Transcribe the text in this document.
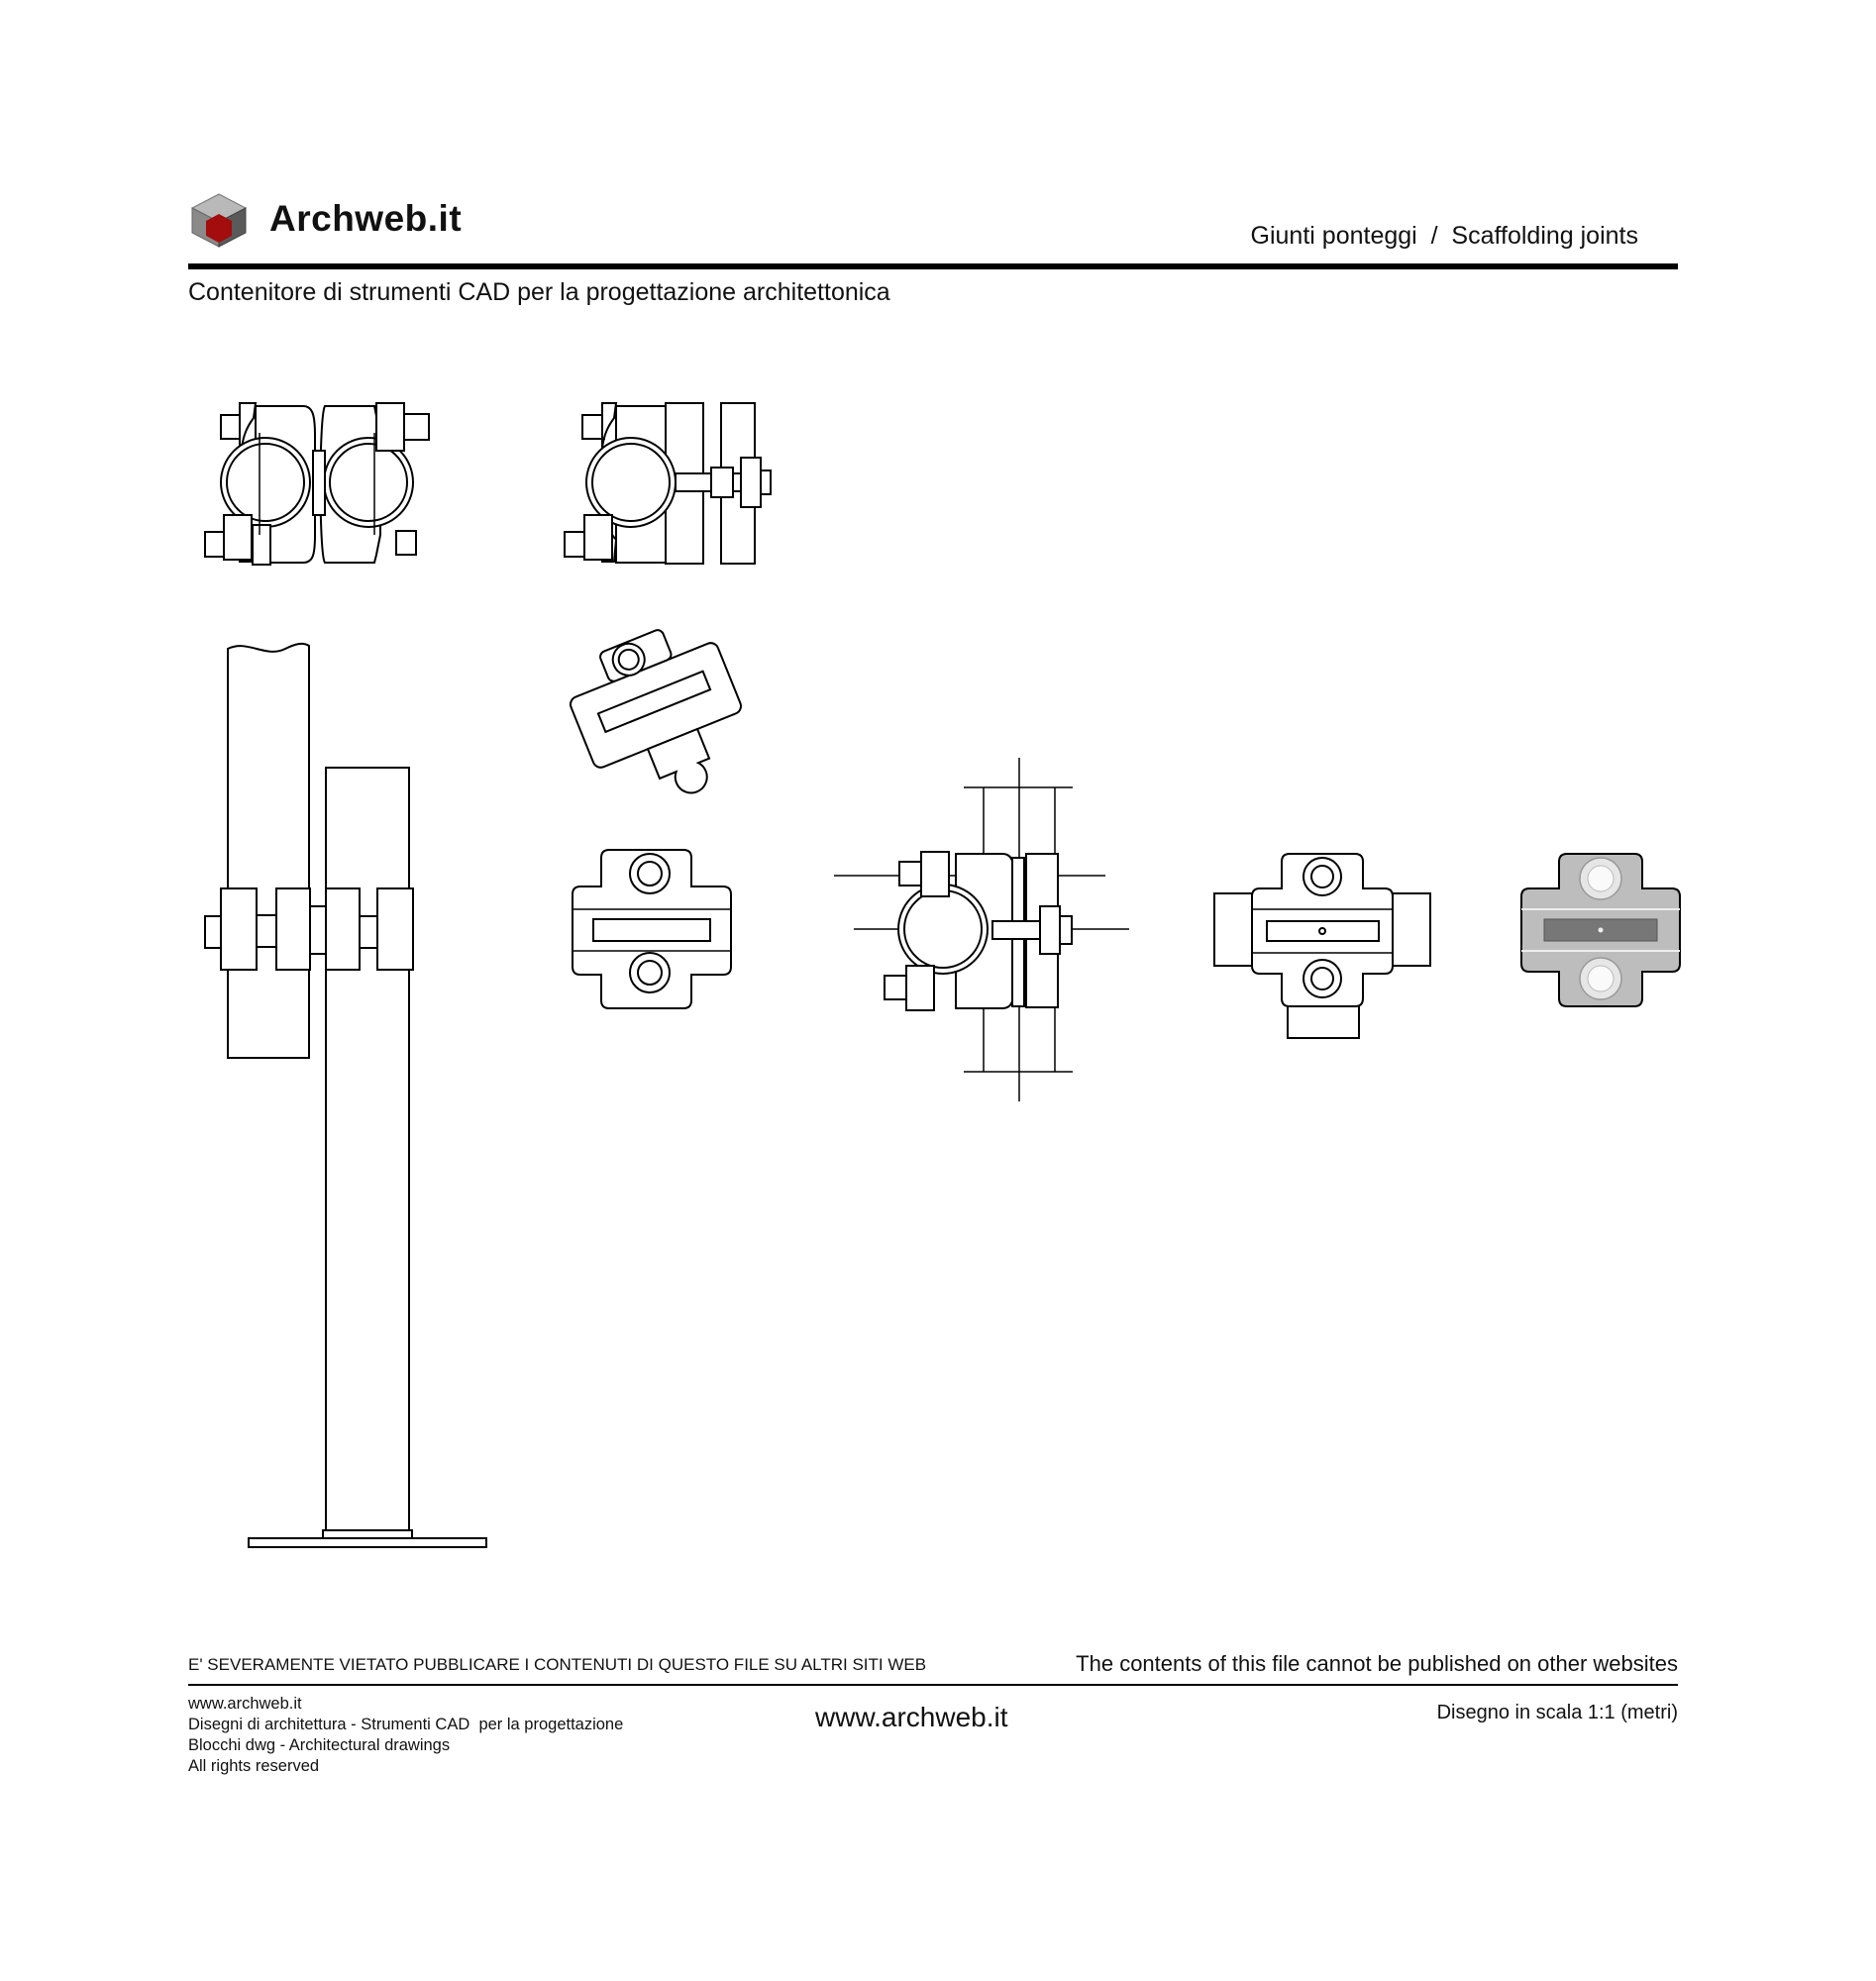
Archweb.it	Giunti ponteggi  /  Scaffolding joints
Contenitore di strumenti CAD per la progettazione architettonica
E' SEVERAMENTE VIETATO PUBBLICARE I CONTENUTI DI QUESTO FILE SU ALTRI SITI WEB	The contents of this file cannot be published on other websites
www.archweb.it
Disegni di architettura - Strumenti CAD  per la progettazione
Blocchi dwg - Architectural drawings
All rights reserved
www.archweb.it	Disegno in scala 1:1 (metri)
